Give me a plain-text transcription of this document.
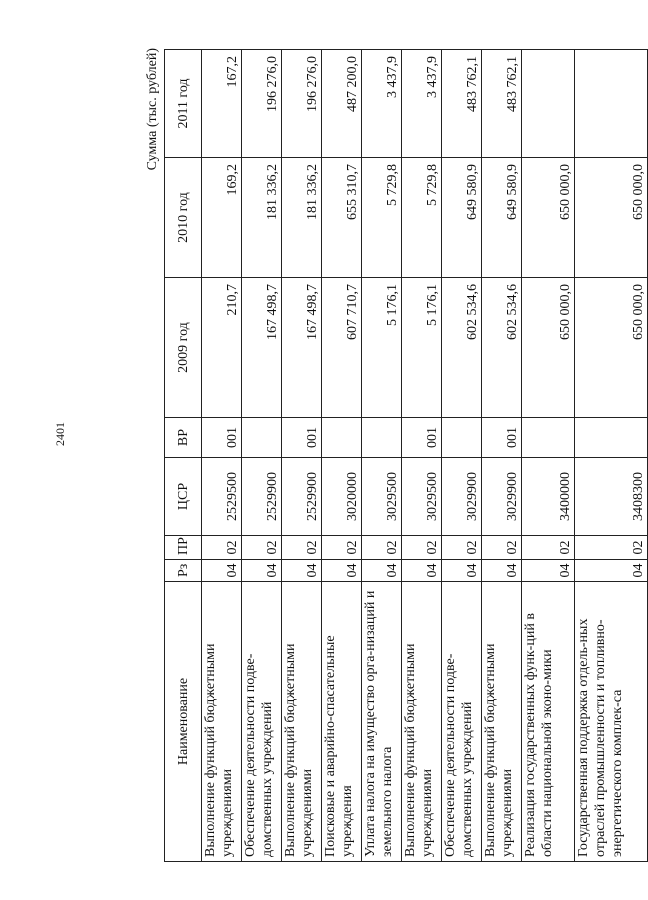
2401
Сумма (тыс. рублей)
Наименование	Рз	ПР	ЦСР	ВР	2009 год	2010 год	2011 год
Выполнение функций бюджетными учреждениями	04	02	2529500	001	210,7	169,2	167,2
Обеспечение деятельности подве-домственных учреждений	04	02	2529900		167 498,7	181 336,2	196 276,0
Выполнение функций бюджетными учреждениями	04	02	2529900	001	167 498,7	181 336,2	196 276,0
Поисковые и аварийно-спасательные учреждения	04	02	3020000		607 710,7	655 310,7	487 200,0
Уплата налога на имущество орга-низаций и земельного налога	04	02	3029500		5 176,1	5 729,8	3 437,9
Выполнение функций бюджетными учреждениями	04	02	3029500	001	5 176,1	5 729,8	3 437,9
Обеспечение деятельности подве-домственных учреждений	04	02	3029900		602 534,6	649 580,9	483 762,1
Выполнение функций бюджетными учреждениями	04	02	3029900	001	602 534,6	649 580,9	483 762,1
Реализация государственных функ-ций в области национальной эконо-мики	04	02	3400000		650 000,0	650 000,0	
Государственная поддержка отдель-ных отраслей промышленности и топливно-энергетического комплек-са	04	02	3408300		650 000,0	650 000,0	
